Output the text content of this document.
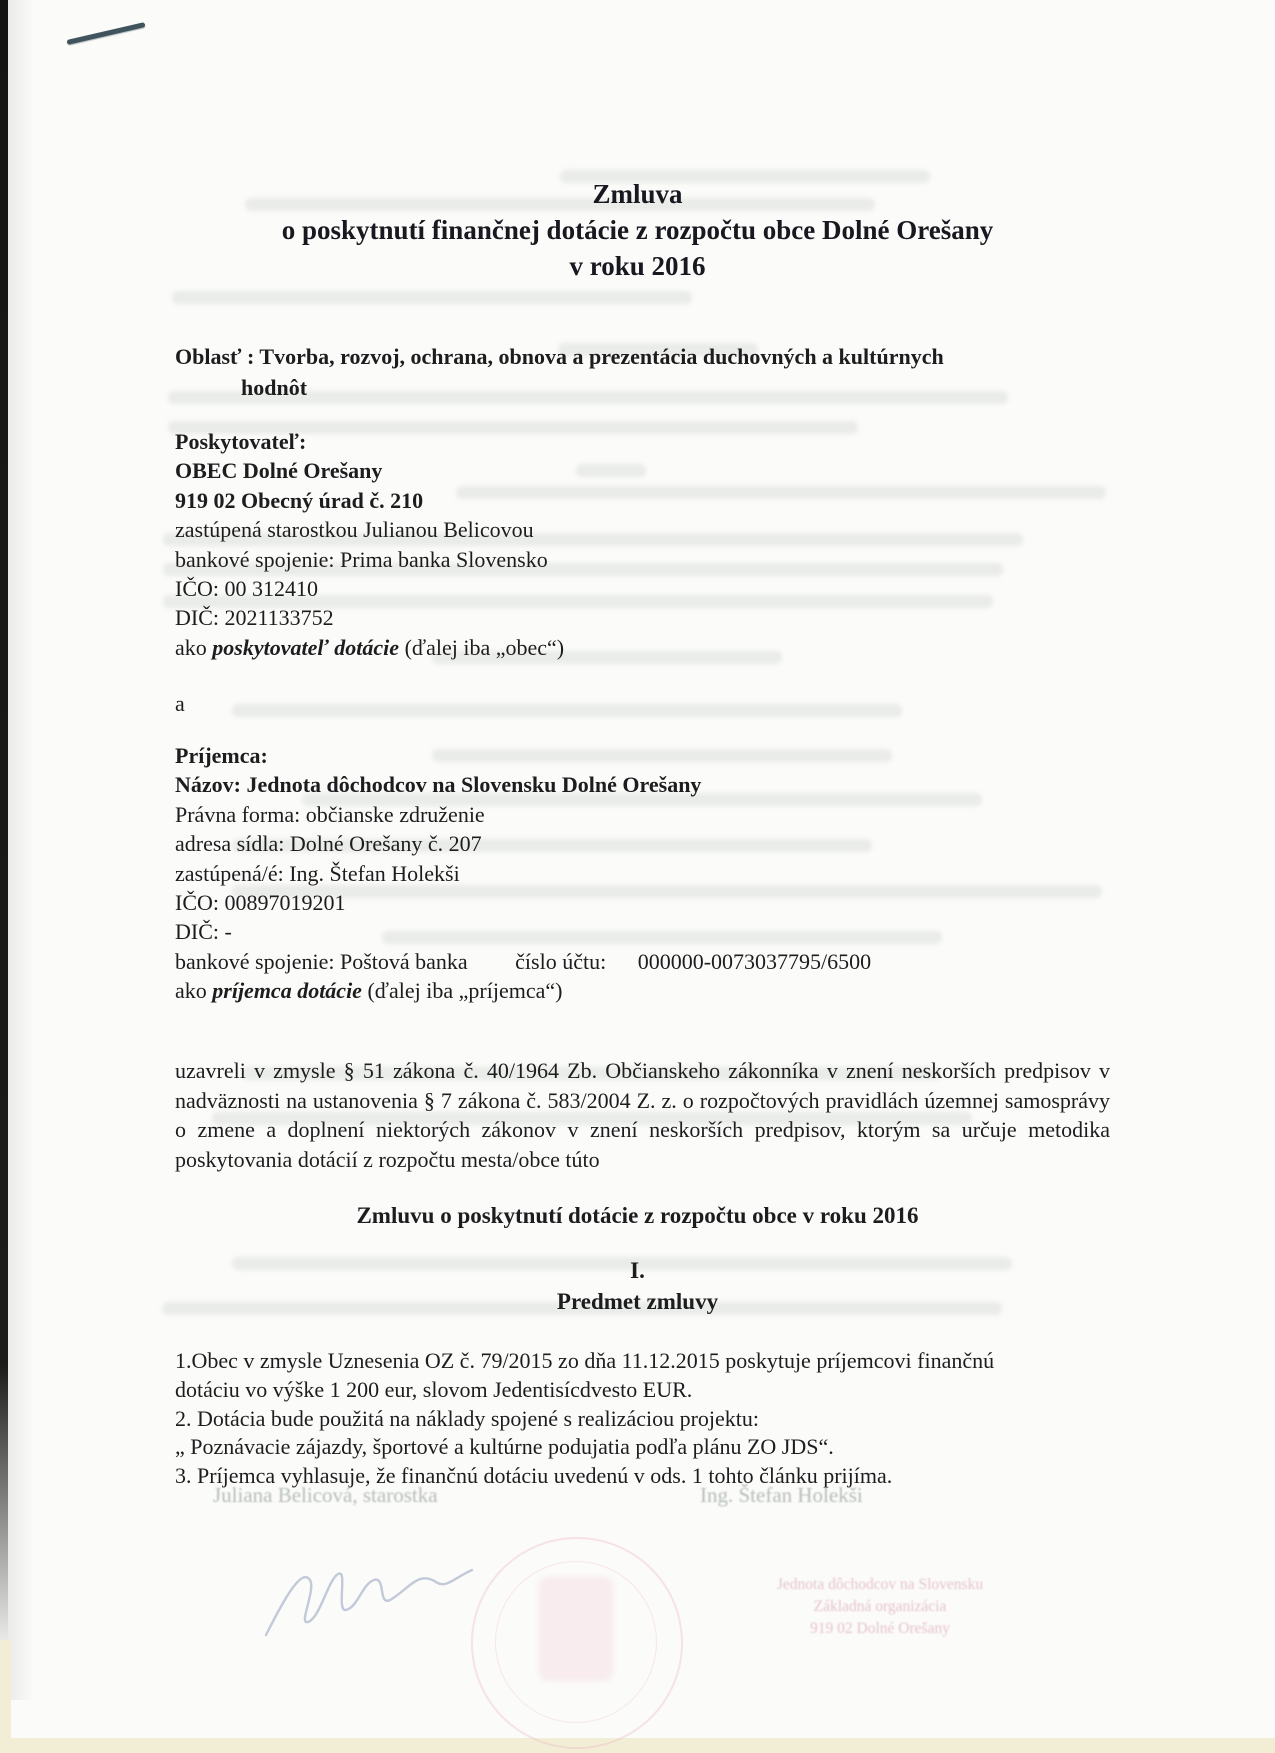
Zmluva
o poskytnutí finančnej dotácie z rozpočtu obce Dolné Orešany
v roku 2016
Oblasť : Tvorba, rozvoj, ochrana, obnova a prezentácia duchovných a kultúrnych
hodnôt
Poskytovateľ:
OBEC Dolné Orešany
919 02 Obecný úrad č. 210
zastúpená starostkou Julianou Belicovou
bankové spojenie: Prima banka Slovensko
IČO: 00 312410
DIČ: 2021133752
ako poskytovateľ dotácie (ďalej iba „obec“)
a
Príjemca:
Názov: Jednota dôchodcov na Slovensku Dolné Orešany
Právna forma: občianske združenie
adresa sídla: Dolné Orešany č. 207
zastúpená/é: Ing. Štefan Holekši
IČO: 00897019201
DIČ: -
bankové spojenie: Poštová banka číslo účtu: 000000-0073037795/6500
ako príjemca dotácie (ďalej iba „príjemca“)
uzavreli v zmysle § 51 zákona č. 40/1964 Zb. Občianskeho zákonníka v znení neskorších predpisov v nadväznosti na ustanovenia § 7 zákona č. 583/2004 Z. z. o rozpočtových pravidlách územnej samosprávy o zmene a doplnení niektorých zákonov v znení neskorších predpisov, ktorým sa určuje metodika poskytovania dotácií z rozpočtu mesta/obce túto
Zmluvu o poskytnutí dotácie z rozpočtu obce v roku 2016
I.
Predmet zmluvy
1.Obec v zmysle Uznesenia OZ č. 79/2015 zo dňa 11.12.2015 poskytuje príjemcovi finančnú dotáciu vo výške 1 200 eur, slovom Jedentisícdvesto EUR.
2. Dotácia bude použitá na náklady spojené s realizáciou projektu:
„ Poznávacie zájazdy, športové a kultúrne podujatia podľa plánu ZO JDS“.
3. Príjemca vyhlasuje, že finančnú dotáciu uvedenú v ods. 1 tohto článku prijíma.
Juliana Belicová, starostka	Ing. Štefan Holekši
Jednota dôchodcov na Slovensku
Základná organizácia
919 02 Dolné Orešany
